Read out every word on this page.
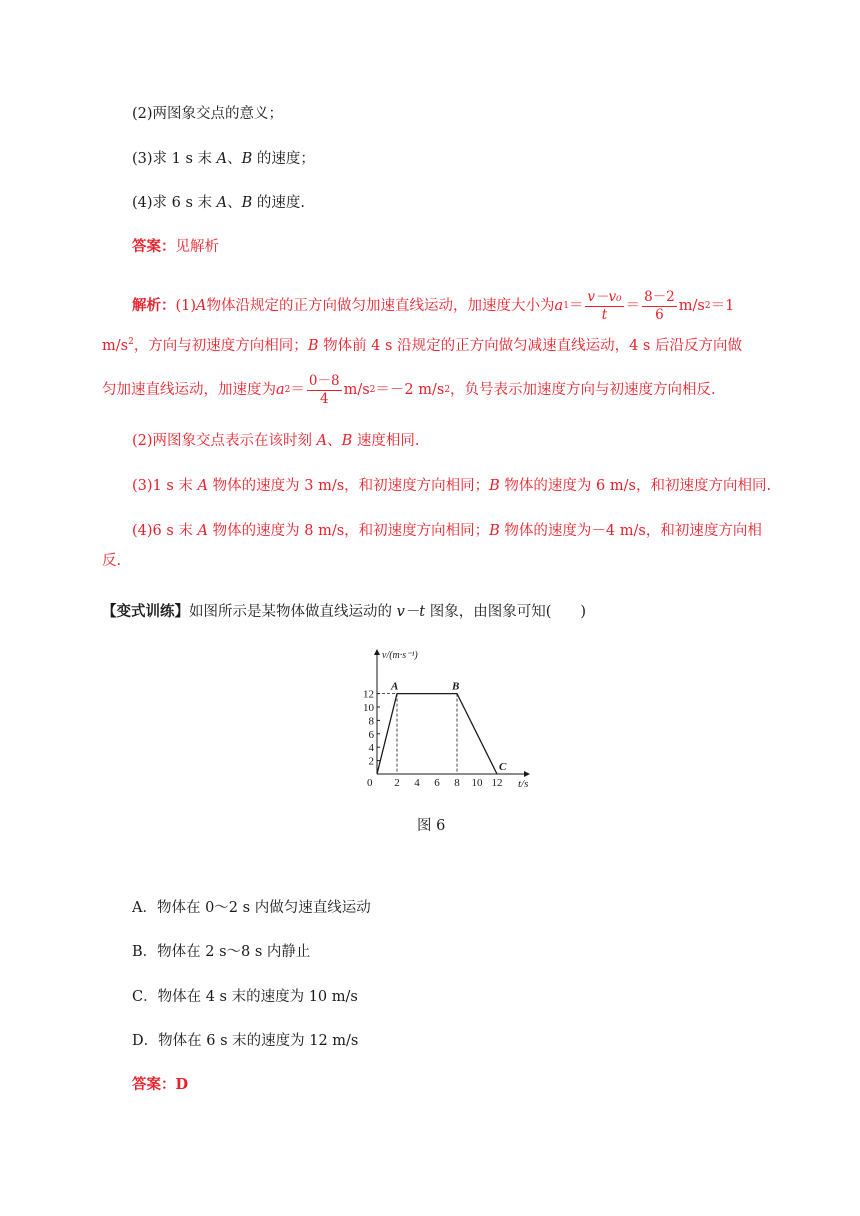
(2)两图象交点的意义；
(3)求 1 s 末 A、B 的速度；
(4)求 6 s 末 A、B 的速度.
答案：见解析
解析： (1) A 物体沿规定的正方向做匀加速直线运动，加速度大小为 a $1 = \frac{\text{v－v₀}}{t} = \frac{8-2}{6} m/s$ 2 ＝1
$m/s^2$，方向与初速度方向相同；B 物体前 4 s 沿规定的正方向做匀减速直线运动，4 s 后沿反方向做
匀加速直线运动，加速度为 a $2 = \frac{0-8}{4} m/s$ 2 ＝－2 m/s 2 ，负号表示加速度方向与初速度方向相反.
(2)两图象交点表示在该时刻 A、B 速度相同.
(3)1 s 末 A 物体的速度为 3 m/s，和初速度方向相同；B 物体的速度为 6 m/s，和初速度方向相同.
(4)6 s 末 A 物体的速度为 8 m/s，和初速度方向相同；B 物体的速度为－4 m/s，和初速度方向相
反.
【变式训练】如图所示是某物体做直线运动的 v－t 图象，由图象可知(　　)
2
4
6
8
10
12
2 4 6 8 10 12
A	B
C
v/(m·s⁻¹)
t/s
0
图 6
A．物体在 0～2 s 内做匀速直线运动
B．物体在 2 s～8 s 内静止
C．物体在 4 s 末的速度为 10 m/s
D．物体在 6 s 末的速度为 12 m/s
答案：D
